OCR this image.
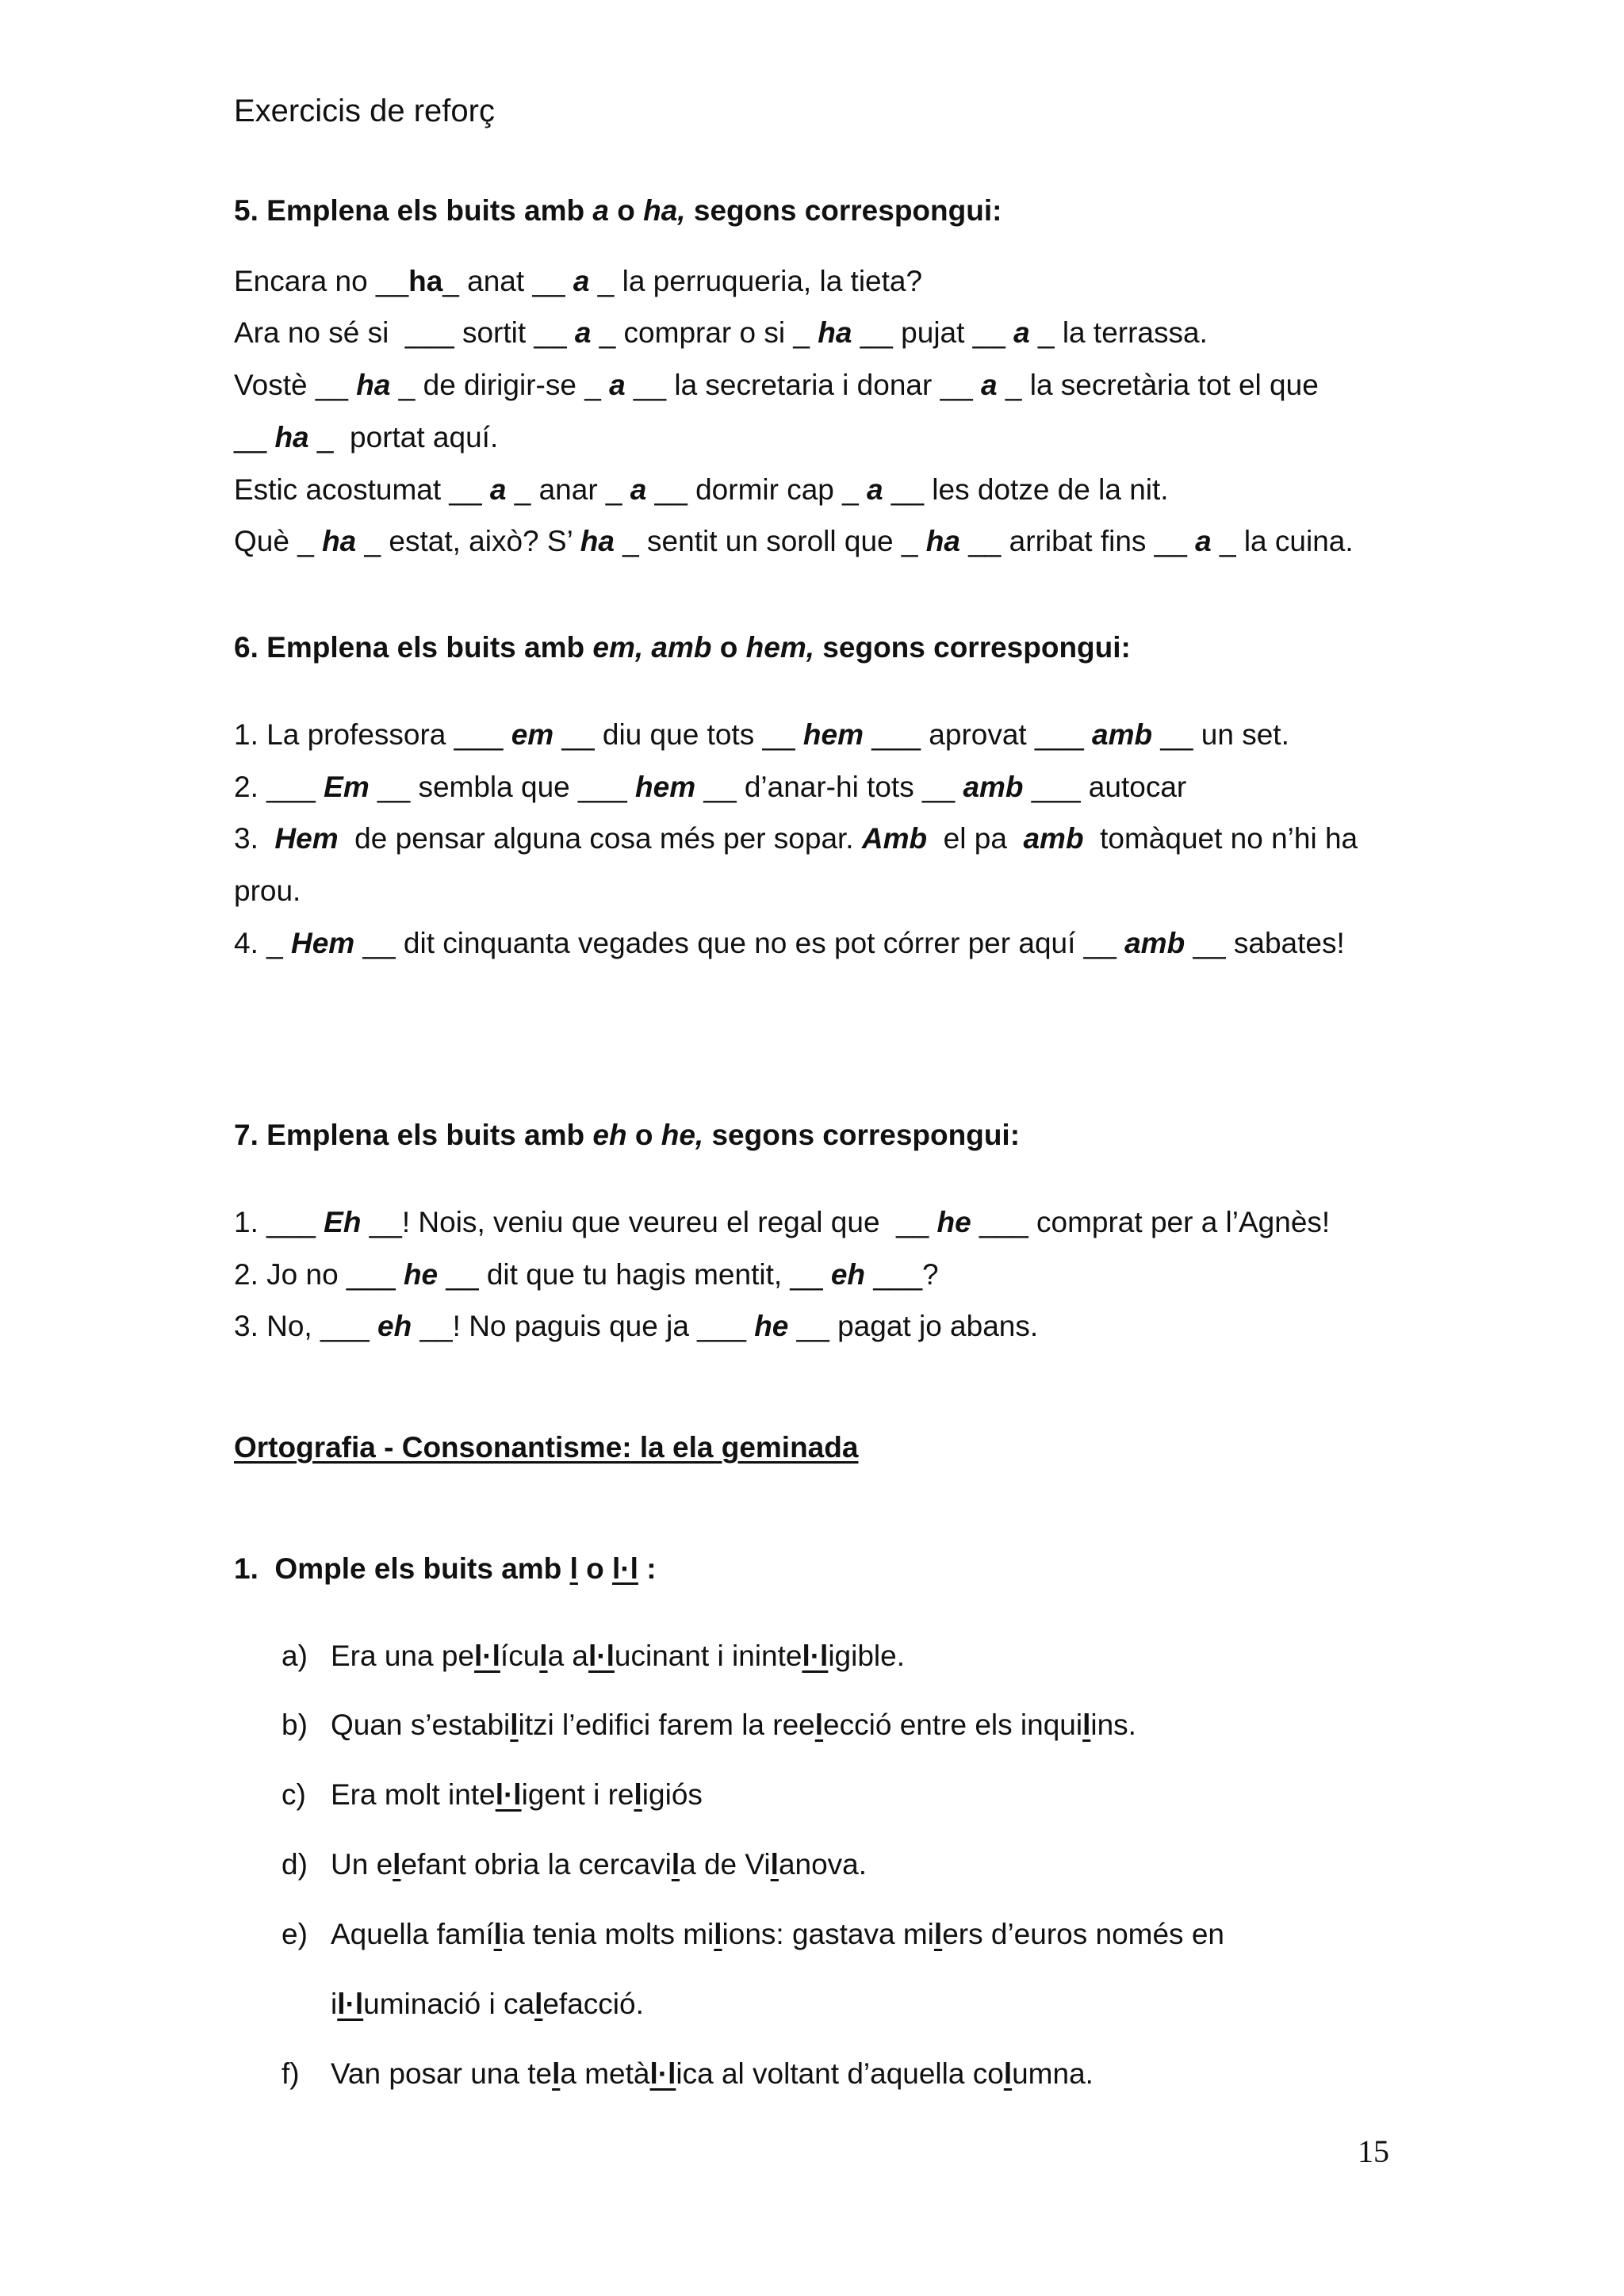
Exercicis de reforç
5. Emplena els buits amb a o ha, segons correspongui:
Encara no __ha_ anat __ a _ la perruqueria, la tieta?
Ara no sé si  ___ sortit __ a _ comprar o si _ ha __ pujat __ a _ la terrassa.
Vostè __ ha _ de dirigir-se _ a __ la secretaria i donar __ a _ la secretària tot el que
__ ha _  portat aquí.
Estic acostumat __ a _ anar _ a __ dormir cap _ a __ les dotze de la nit.
Què _ ha _ estat, això? S’ ha _ sentit un soroll que _ ha __ arribat fins __ a _ la cuina.
6. Emplena els buits amb em, amb o hem, segons correspongui:
1. La professora ___ em __ diu que tots __ hem ___ aprovat ___ amb __ un set.
2. ___ Em __ sembla que ___ hem __ d’anar-hi tots __ amb ___ autocar
3.  Hem  de pensar alguna cosa més per sopar. Amb  el pa  amb  tomàquet no n’hi ha
prou.
4. _ Hem __ dit cinquanta vegades que no es pot córrer per aquí __ amb __ sabates!
7. Emplena els buits amb eh o he, segons correspongui:
1. ___ Eh __! Nois, veniu que veureu el regal que  __ he ___ comprat per a l’Agnès!
2. Jo no ___ he __ dit que tu hagis mentit, __ eh ___?
3. No, ___ eh __! No paguis que ja ___ he __ pagat jo abans.
Ortografia - Consonantisme: la ela geminada
1.  Omple els buits amb l o l·l :
a) Era una pel·lícula al·lucinant i inintel·ligible.
b) Quan s’estabilitzi l’edifici farem la reelecció entre els inquilins.
c) Era molt intel·ligent i religiós
d) Un elefant obria la cercavila de Vilanova.
e) Aquella família tenia molts milions: gastava milers d’euros només en
il·luminació i calefacció.
f) Van posar una tela metàl·lica al voltant d’aquella columna.
15
